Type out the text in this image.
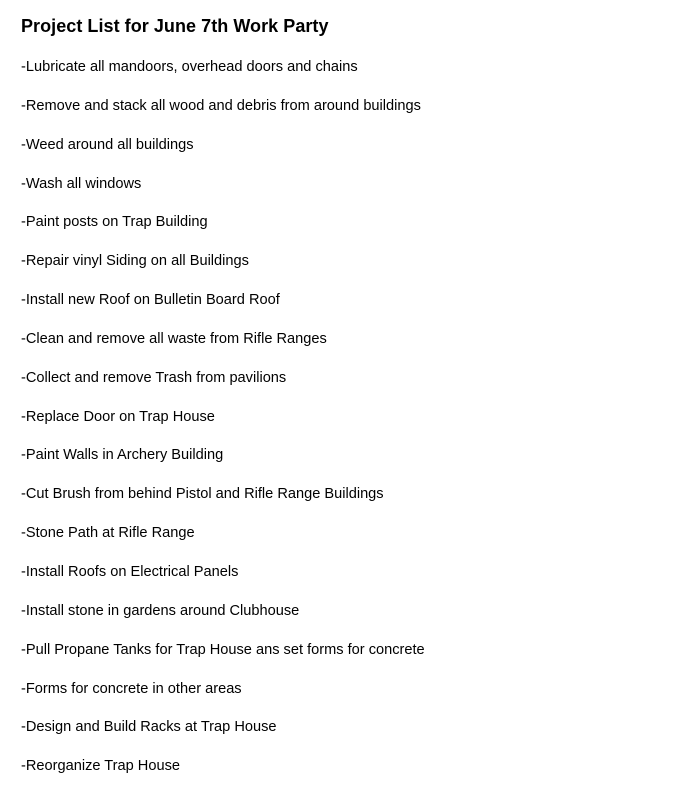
Project List for June 7th Work Party
-Lubricate all mandoors, overhead doors and chains
-Remove and stack all wood and debris from around buildings
-Weed around all buildings
-Wash all windows
-Paint posts on Trap Building
-Repair vinyl Siding on all Buildings
-Install new Roof on Bulletin Board Roof
-Clean and remove all waste from Rifle Ranges
-Collect and remove Trash from pavilions
-Replace Door on Trap House
-Paint Walls in Archery Building
-Cut Brush from behind Pistol and Rifle Range Buildings
-Stone Path at Rifle Range
-Install Roofs on Electrical Panels
-Install stone in gardens around Clubhouse
-Pull Propane Tanks for Trap House ans set forms for concrete
-Forms for concrete in other areas
-Design and Build Racks at Trap House
-Reorganize Trap House
